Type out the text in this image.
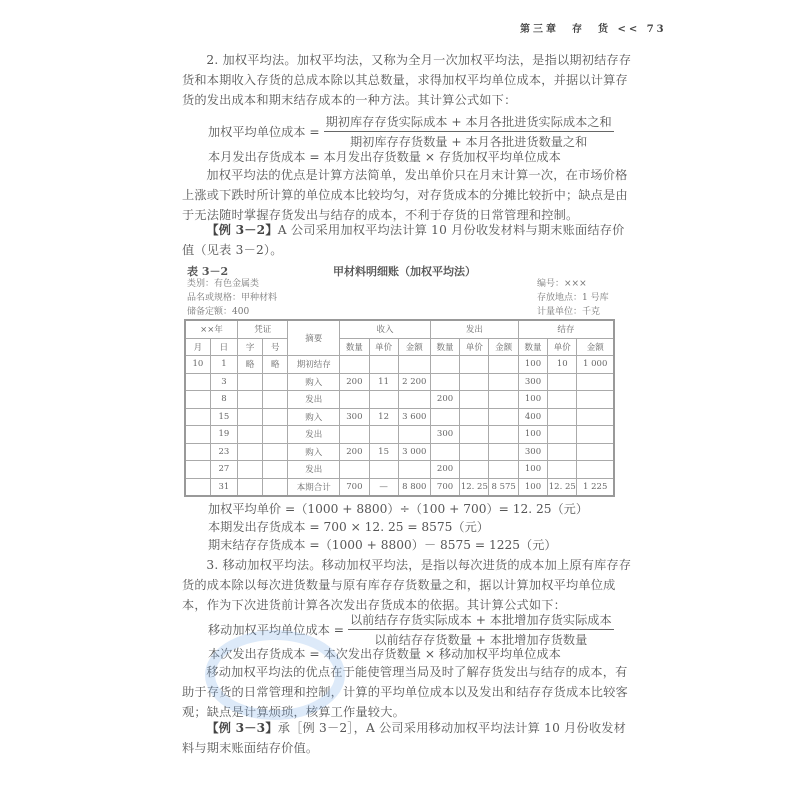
第三章　存　货 << 73
2. 加权平均法。加权平均法，又称为全月一次加权平均法，是指以期初结存存货和本期收入存货的总成本除以其总数量，求得加权平均单位成本，并据以计算存货的发出成本和期末结存成本的一种方法。其计算公式如下：
加权平均单位成本 = $\frac{\text{期初库存存货实际成本 + 本月各批进货实际成本之和}}{\text{期初库存存货数量 + 本月各批进货数量之和}}$
本月发出存货成本 = 本月发出存货数量 × 存货加权平均单位成本
加权平均法的优点是计算方法简单，发出单价只在月末计算一次，在市场价格上涨或下跌时所计算的单位成本比较均匀，对存货成本的分摊比较折中；缺点是由于无法随时掌握存货发出与结存的成本，不利于存货的日常管理和控制。
【例 3－2】A 公司采用加权平均法计算 10 月份收发材料与期末账面结存价值（见表 3－2）。
表 3－2	甲材料明细账（加权平均法）
类别：有色金属类
品名或规格：甲种材料
储备定额：400
编号：×××
存放地点：1 号库
计量单位：千克
××年		凭证		摘要	收入			发出			结存		
月	日	字	号		数量	单价	金额	数量	单价	金额	数量	单价	金额
10	1	略	略	期初结存							100	10	1 000
	3			购入	200	11	2 200				300		
	8			发出				200			100		
	15			购入	300	12	3 600				400		
	19			发出				300			100		
	23			购入	200	15	3 000				300		
	27			发出				200			100		
	31			本期合计	700	—	8 800	700	12. 25	8 575	100	12. 25	1 225
加权平均单价 =（1000 + 8800）÷（100 + 700）= 12. 25（元）
本期发出存货成本 = 700 × 12. 25 = 8575（元）
期末结存存货成本 =（1000 + 8800）－ 8575 = 1225（元）
3. 移动加权平均法。移动加权平均法，是指以每次进货的成本加上原有库存存货的成本除以每次进货数量与原有库存存货数量之和，据以计算加权平均单位成本，作为下次进货前计算各次发出存货成本的依据。其计算公式如下：
移动加权平均单位成本 = $\frac{\text{以前结存存货实际成本 + 本批增加存货实际成本}}{\text{以前结存存货数量 + 本批增加存货数量}}$
本次发出存货成本 = 本次发出存货数量 × 移动加权平均单位成本
移动加权平均法的优点在于能使管理当局及时了解存货发出与结存的成本，有助于存货的日常管理和控制，计算的平均单位成本以及发出和结存存货成本比较客观；缺点是计算烦琐，核算工作量较大。
【例 3－3】承［例 3－2］，A 公司采用移动加权平均法计算 10 月份收发材料与期末账面结存价值。
